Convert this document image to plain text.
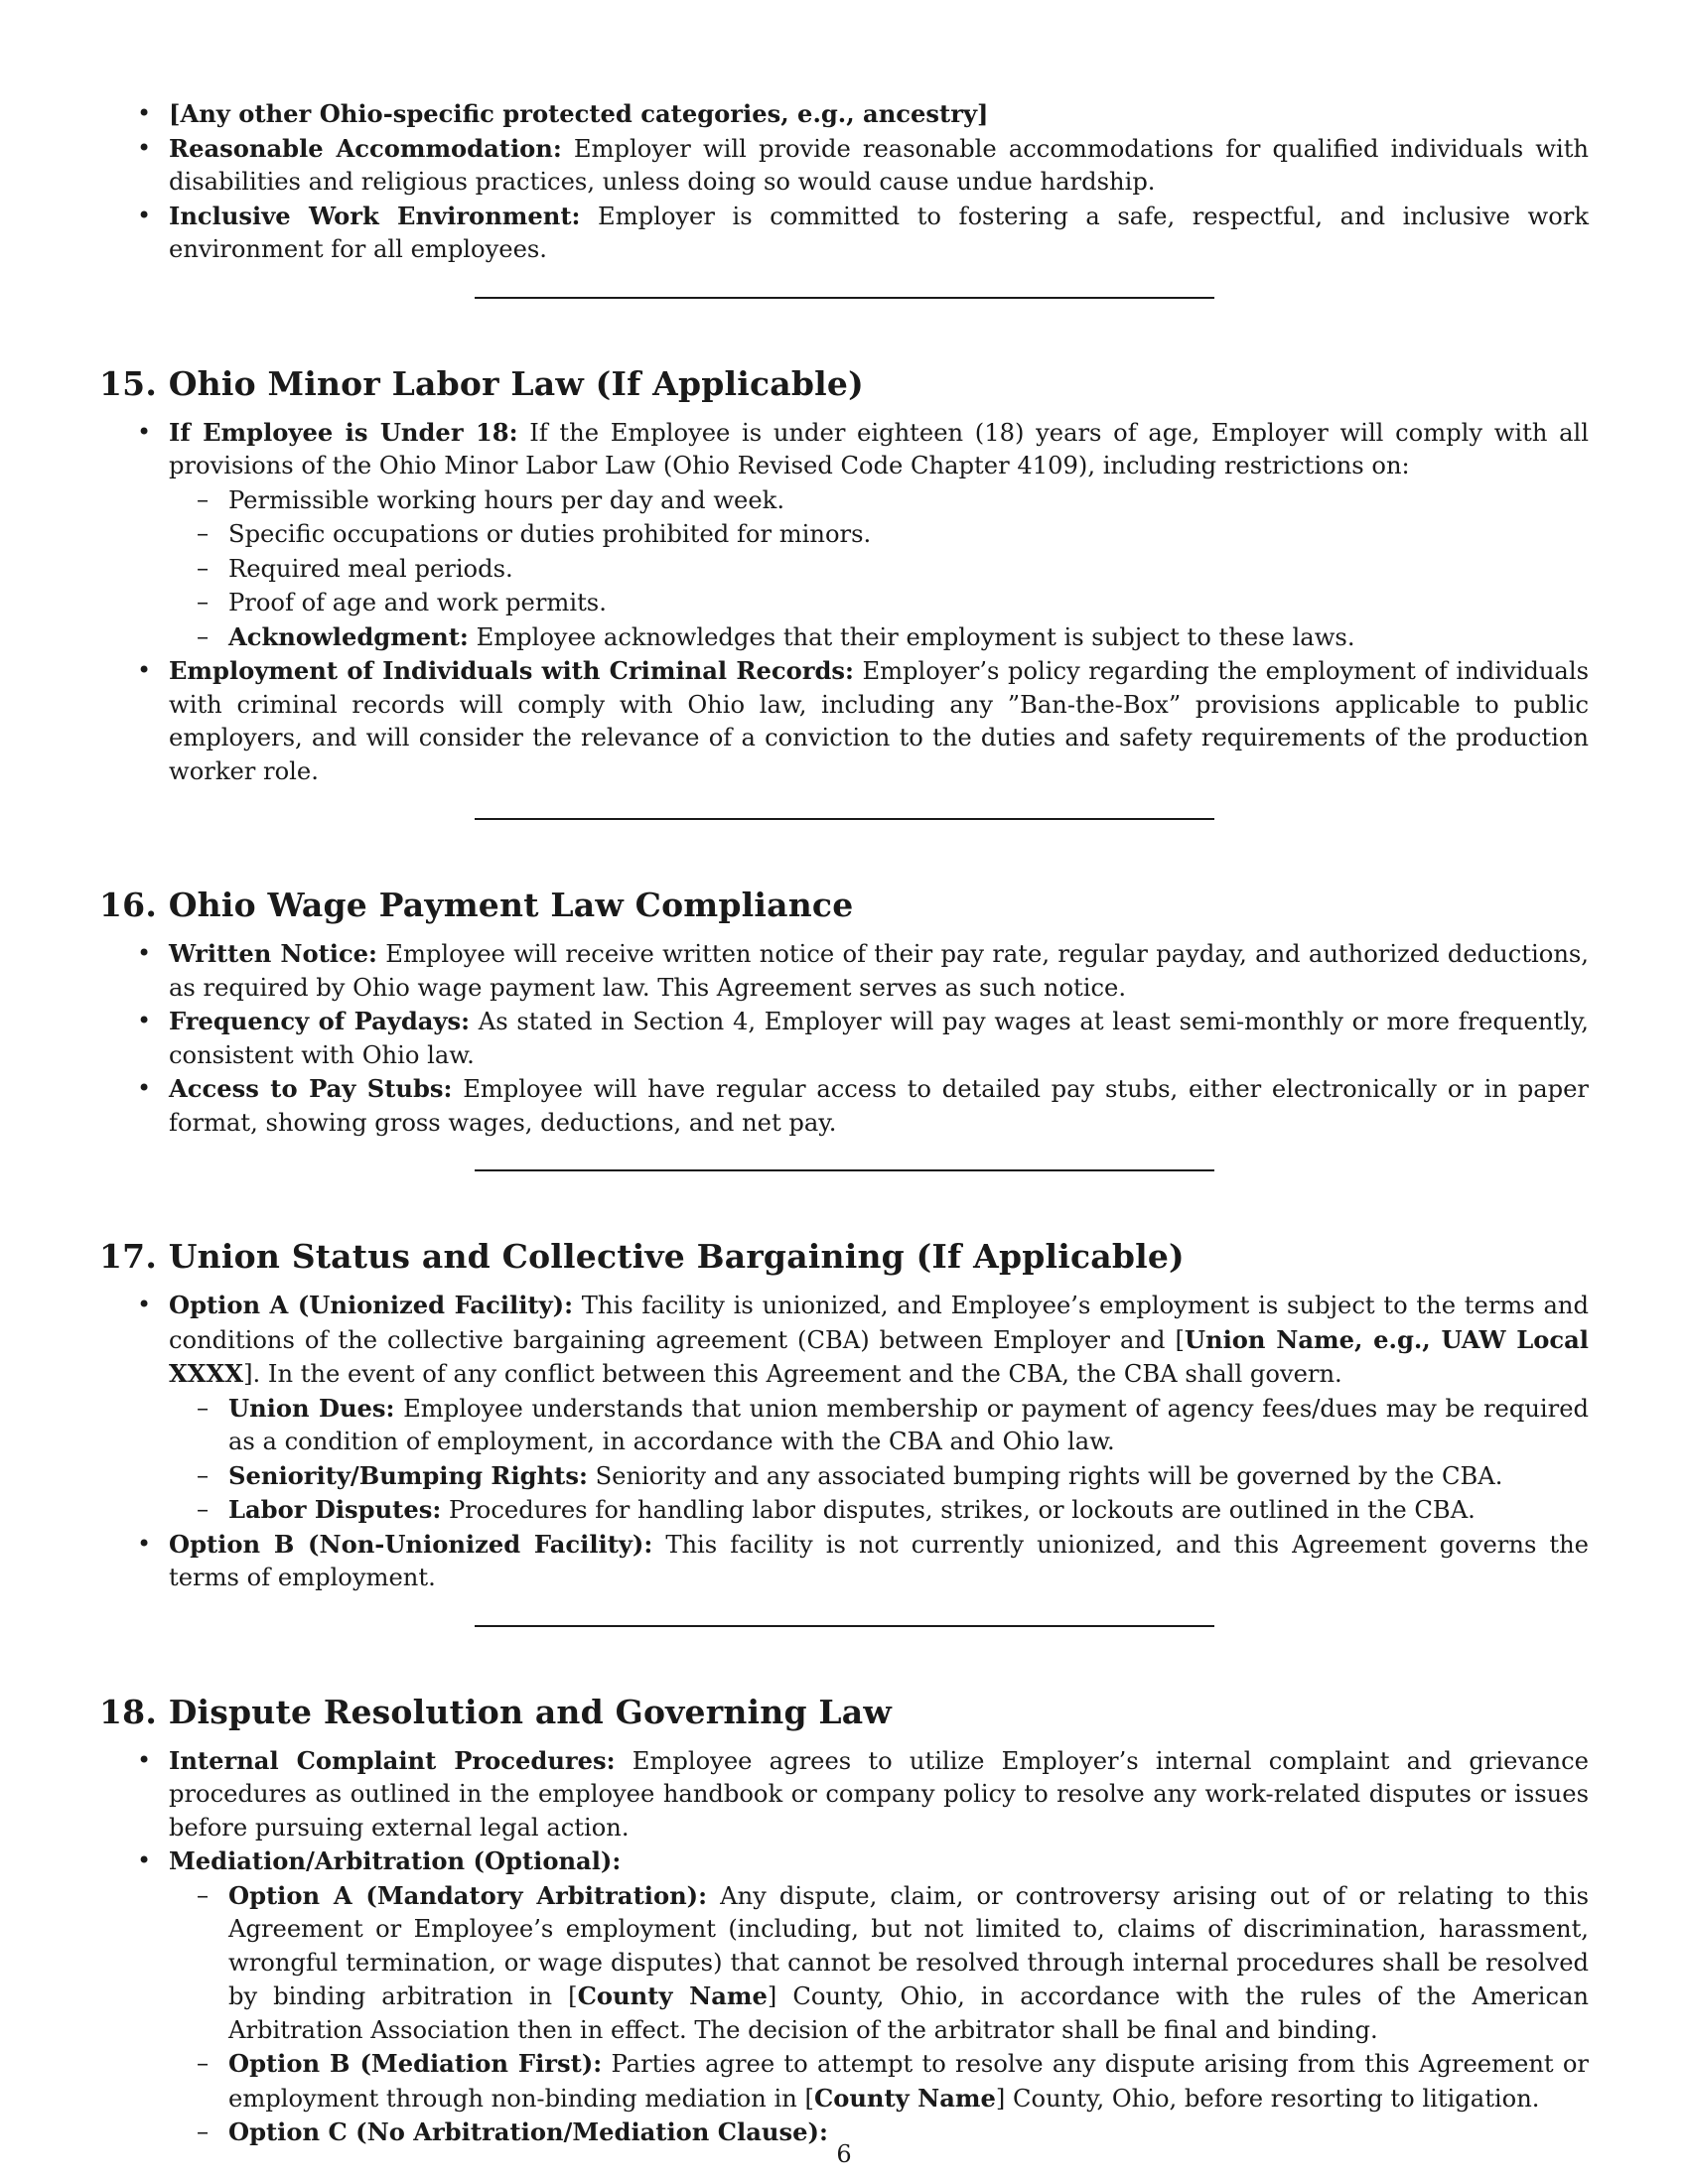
• [Any other Ohio-specific protected categories, e.g., ancestry]
• Reasonable Accommodation: Employer will provide reasonable accommodations for qualified individuals with disabilities and religious practices, unless doing so would cause undue hardship.
• Inclusive Work Environment: Employer is committed to fostering a safe, respectful, and inclusive work environment for all employees.
15. Ohio Minor Labor Law (If Applicable)
• If Employee is Under 18: If the Employee is under eighteen (18) years of age, Employer will comply with all provisions of the Ohio Minor Labor Law (Ohio Revised Code Chapter 4109), including restrictions on:
– Permissible working hours per day and week.
– Specific occupations or duties prohibited for minors.
– Required meal periods.
– Proof of age and work permits.
– Acknowledgment: Employee acknowledges that their employment is subject to these laws.
• Employment of Individuals with Criminal Records: Employer’s policy regarding the employment of individuals with criminal records will comply with Ohio law, including any ”Ban-the-Box” provisions applicable to public employers, and will consider the relevance of a conviction to the duties and safety requirements of the production worker role.
16. Ohio Wage Payment Law Compliance
• Written Notice: Employee will receive written notice of their pay rate, regular payday, and authorized deductions, as required by Ohio wage payment law. This Agreement serves as such notice.
• Frequency of Paydays: As stated in Section 4, Employer will pay wages at least semi-monthly or more frequently, consistent with Ohio law.
• Access to Pay Stubs: Employee will have regular access to detailed pay stubs, either electronically or in paper format, showing gross wages, deductions, and net pay.
17. Union Status and Collective Bargaining (If Applicable)
• Option A (Unionized Facility): This facility is unionized, and Employee’s employment is subject to the terms and conditions of the collective bargaining agreement (CBA) between Employer and [Union Name, e.g., UAW Local XXXX]. In the event of any conflict between this Agreement and the CBA, the CBA shall govern.
– Union Dues: Employee understands that union membership or payment of agency fees/dues may be required as a condition of employment, in accordance with the CBA and Ohio law.
– Seniority/Bumping Rights: Seniority and any associated bumping rights will be governed by the CBA.
– Labor Disputes: Procedures for handling labor disputes, strikes, or lockouts are outlined in the CBA.
• Option B (Non-Unionized Facility): This facility is not currently unionized, and this Agreement governs the terms of employment.
18. Dispute Resolution and Governing Law
• Internal Complaint Procedures: Employee agrees to utilize Employer’s internal complaint and grievance procedures as outlined in the employee handbook or company policy to resolve any work-related disputes or issues before pursuing external legal action.
• Mediation/Arbitration (Optional):
– Option A (Mandatory Arbitration): Any dispute, claim, or controversy arising out of or relating to this Agreement or Employee’s employment (including, but not limited to, claims of discrimination, harassment, wrongful termination, or wage disputes) that cannot be resolved through internal procedures shall be resolved by binding arbitration in [County Name] County, Ohio, in accordance with the rules of the American Arbitration Association then in effect. The decision of the arbitrator shall be final and binding.
– Option B (Mediation First): Parties agree to attempt to resolve any dispute arising from this Agreement or employment through non-binding mediation in [County Name] County, Ohio, before resorting to litigation.
– Option C (No Arbitration/Mediation Clause):
6
